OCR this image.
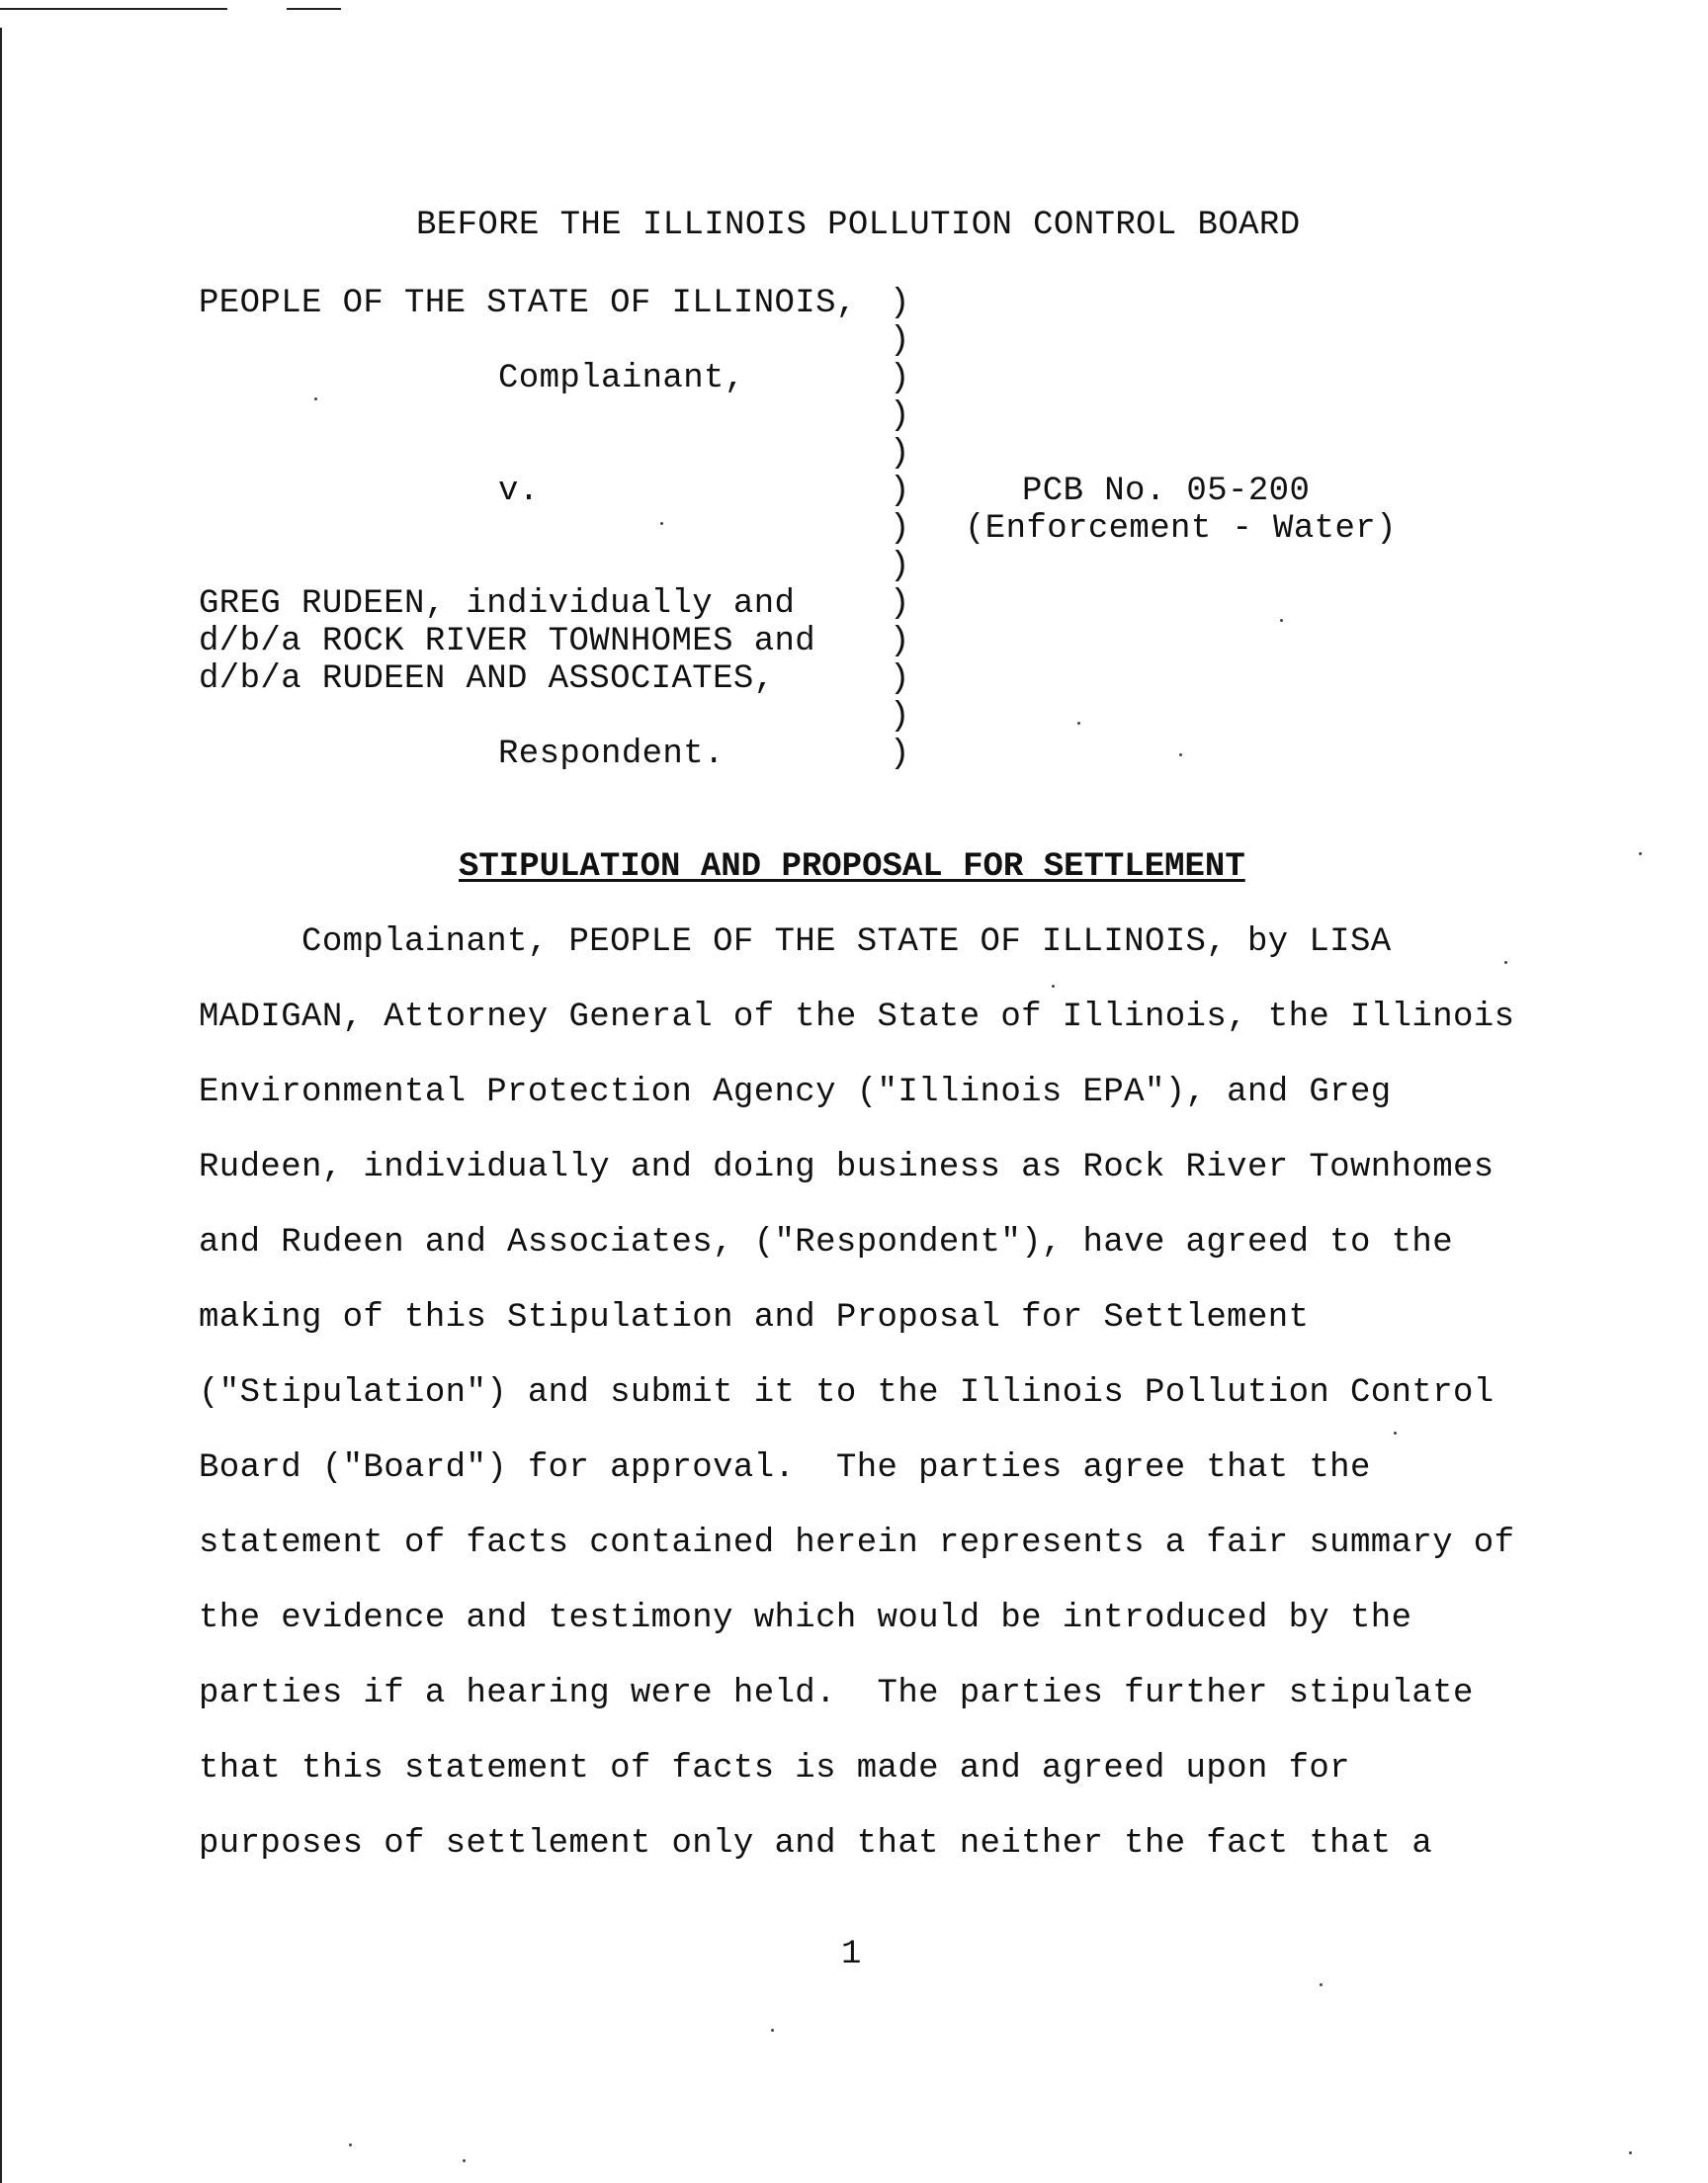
BEFORE THE ILLINOIS POLLUTION CONTROL BOARD
PEOPLE OF THE STATE OF ILLINOIS,
Complainant,
v.	PCB No. 05-200
(Enforcement - Water)
GREG RUDEEN, individually and
d/b/a ROCK RIVER TOWNHOMES and
d/b/a RUDEEN AND ASSOCIATES,
Respondent.
)
)
)
)
)
)
)
)
)
)
)
)
)
STIPULATION AND PROPOSAL FOR SETTLEMENT
Complainant, PEOPLE OF THE STATE OF ILLINOIS, by LISA
MADIGAN, Attorney General of the State of Illinois, the Illinois
Environmental Protection Agency ("Illinois EPA"), and Greg
Rudeen, individually and doing business as Rock River Townhomes
and Rudeen and Associates, ("Respondent"), have agreed to the
making of this Stipulation and Proposal for Settlement
("Stipulation") and submit it to the Illinois Pollution Control
Board ("Board") for approval.  The parties agree that the
statement of facts contained herein represents a fair summary of
the evidence and testimony which would be introduced by the
parties if a hearing were held.  The parties further stipulate
that this statement of facts is made and agreed upon for
purposes of settlement only and that neither the fact that a
1
